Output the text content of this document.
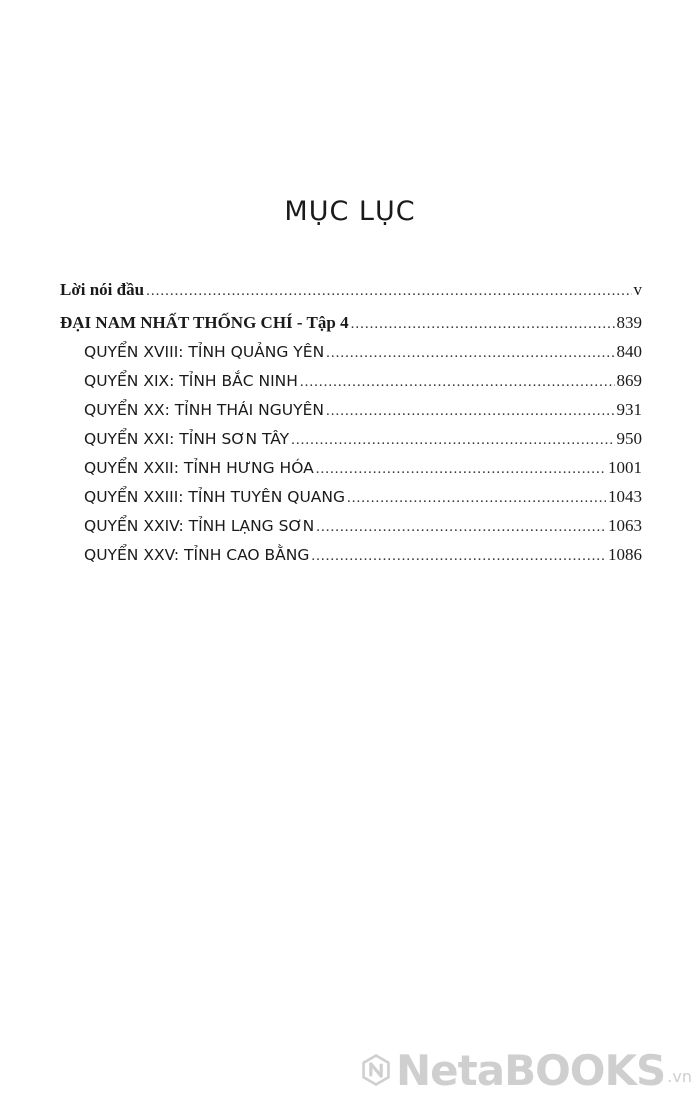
MỤC LỤC
Lời nói đầu .....	v
ĐẠI NAM NHẤT THỐNG CHÍ - Tập 4 .....	839
QUYỂN XVIII: TỈNH QUẢNG YÊN .....	840
QUYỂN XIX: TỈNH BẮC NINH .....	869
QUYỂN XX: TỈNH THÁI NGUYÊN .....	931
QUYỂN XXI: TỈNH SƠN TÂY .....	950
QUYỂN XXII: TỈNH HƯNG HÓA .....	1001
QUYỂN XXIII: TỈNH TUYÊN QUANG .....	1043
QUYỂN XXIV: TỈNH LẠNG SƠN .....	1063
QUYỂN XXV: TỈNH CAO BẰNG .....	1086
NetaBOOKS .vn
